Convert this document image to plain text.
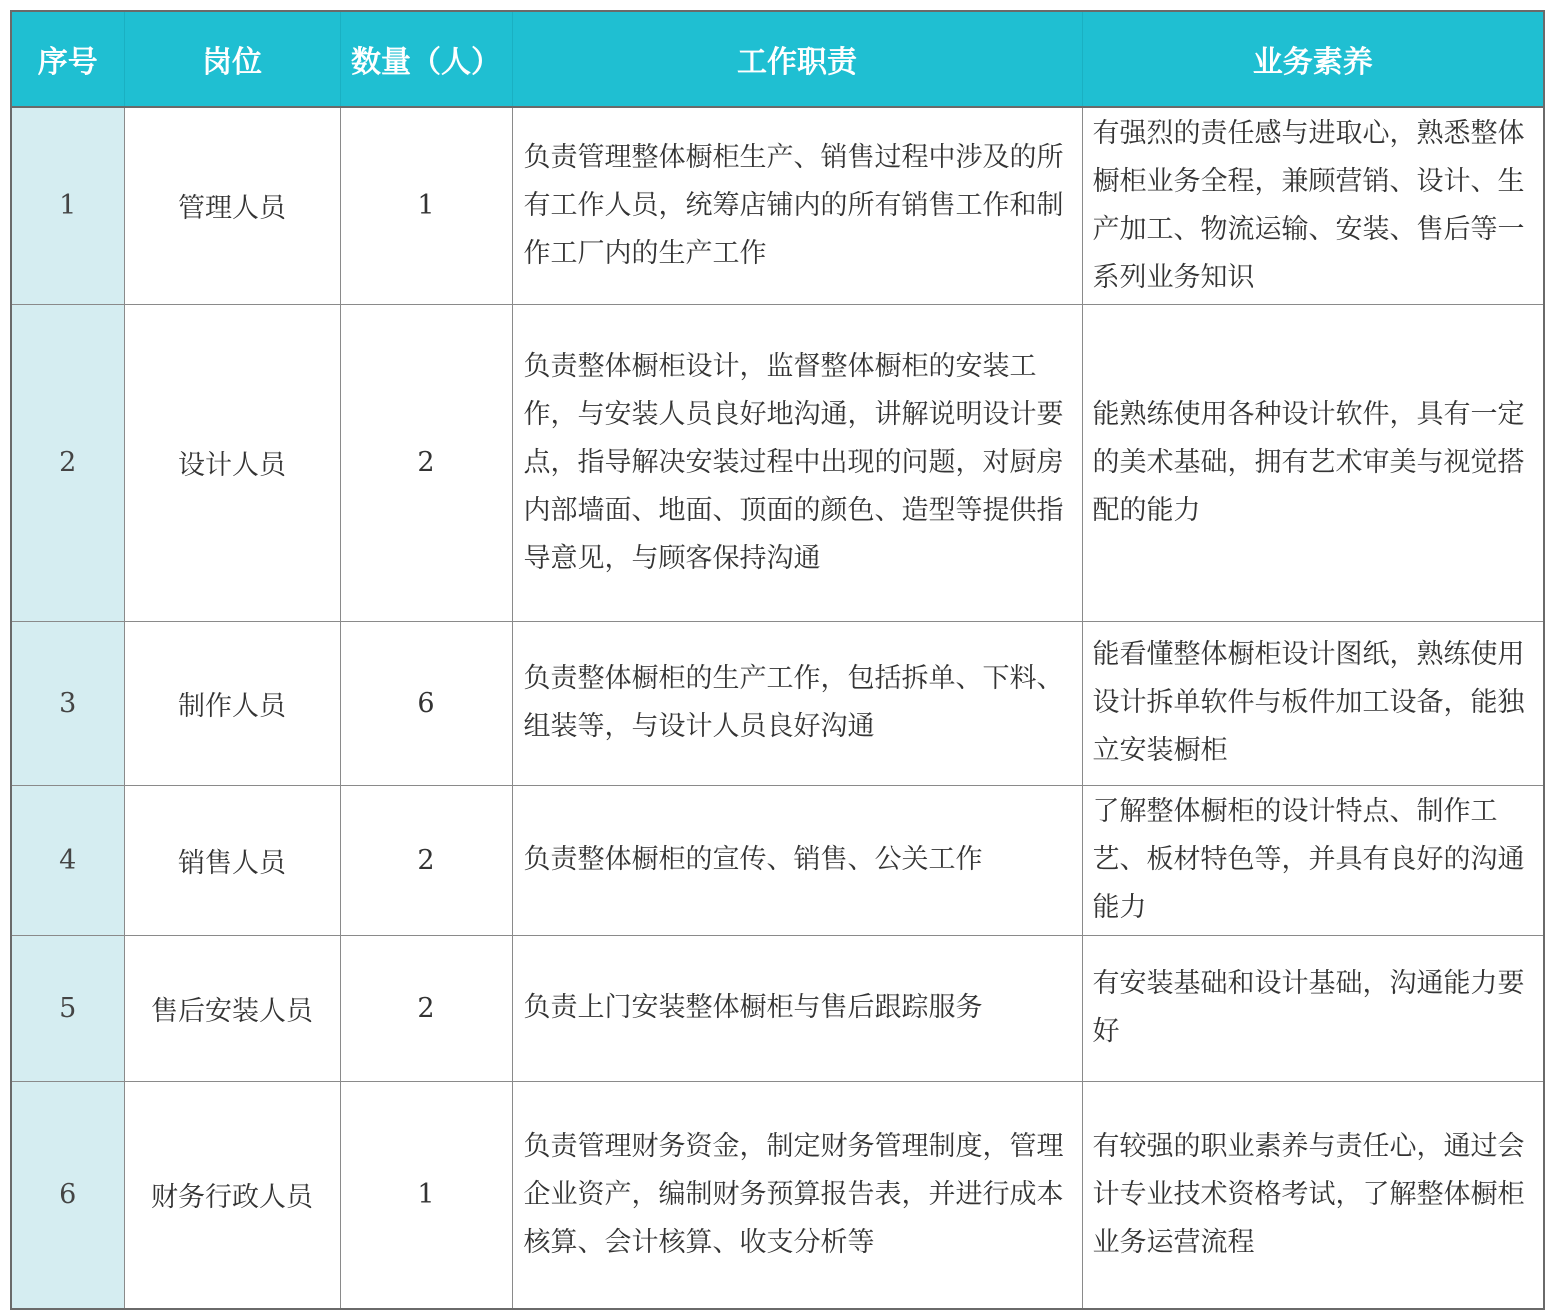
序号	岗位	数量（人）	工作职责	业务素养
1	管理人员	1	负责管理整体橱柜生产、销售过程中涉及的所有工作人员，统筹店铺内的所有销售工作和制作工厂内的生产工作	有强烈的责任感与进取心，熟悉整体橱柜业务全程，兼顾营销、设计、生产加工、物流运输、安装、售后等一系列业务知识
2	设计人员	2	负责整体橱柜设计，监督整体橱柜的安装工作，与安装人员良好地沟通，讲解说明设计要点，指导解决安装过程中出现的问题，对厨房内部墙面、地面、顶面的颜色、造型等提供指导意见，与顾客保持沟通	能熟练使用各种设计软件，具有一定的美术基础，拥有艺术审美与视觉搭配的能力
3	制作人员	6	负责整体橱柜的生产工作，包括拆单、下料、组装等，与设计人员良好沟通	能看懂整体橱柜设计图纸，熟练使用设计拆单软件与板件加工设备，能独立安装橱柜
4	销售人员	2	负责整体橱柜的宣传、销售、公关工作	了解整体橱柜的设计特点、制作工艺、板材特色等，并具有良好的沟通能力
5	售后安装人员	2	负责上门安装整体橱柜与售后跟踪服务	有安装基础和设计基础，沟通能力要好
6	财务行政人员	1	负责管理财务资金，制定财务管理制度，管理企业资产，编制财务预算报告表，并进行成本核算、会计核算、收支分析等	有较强的职业素养与责任心，通过会计专业技术资格考试，了解整体橱柜业务运营流程
